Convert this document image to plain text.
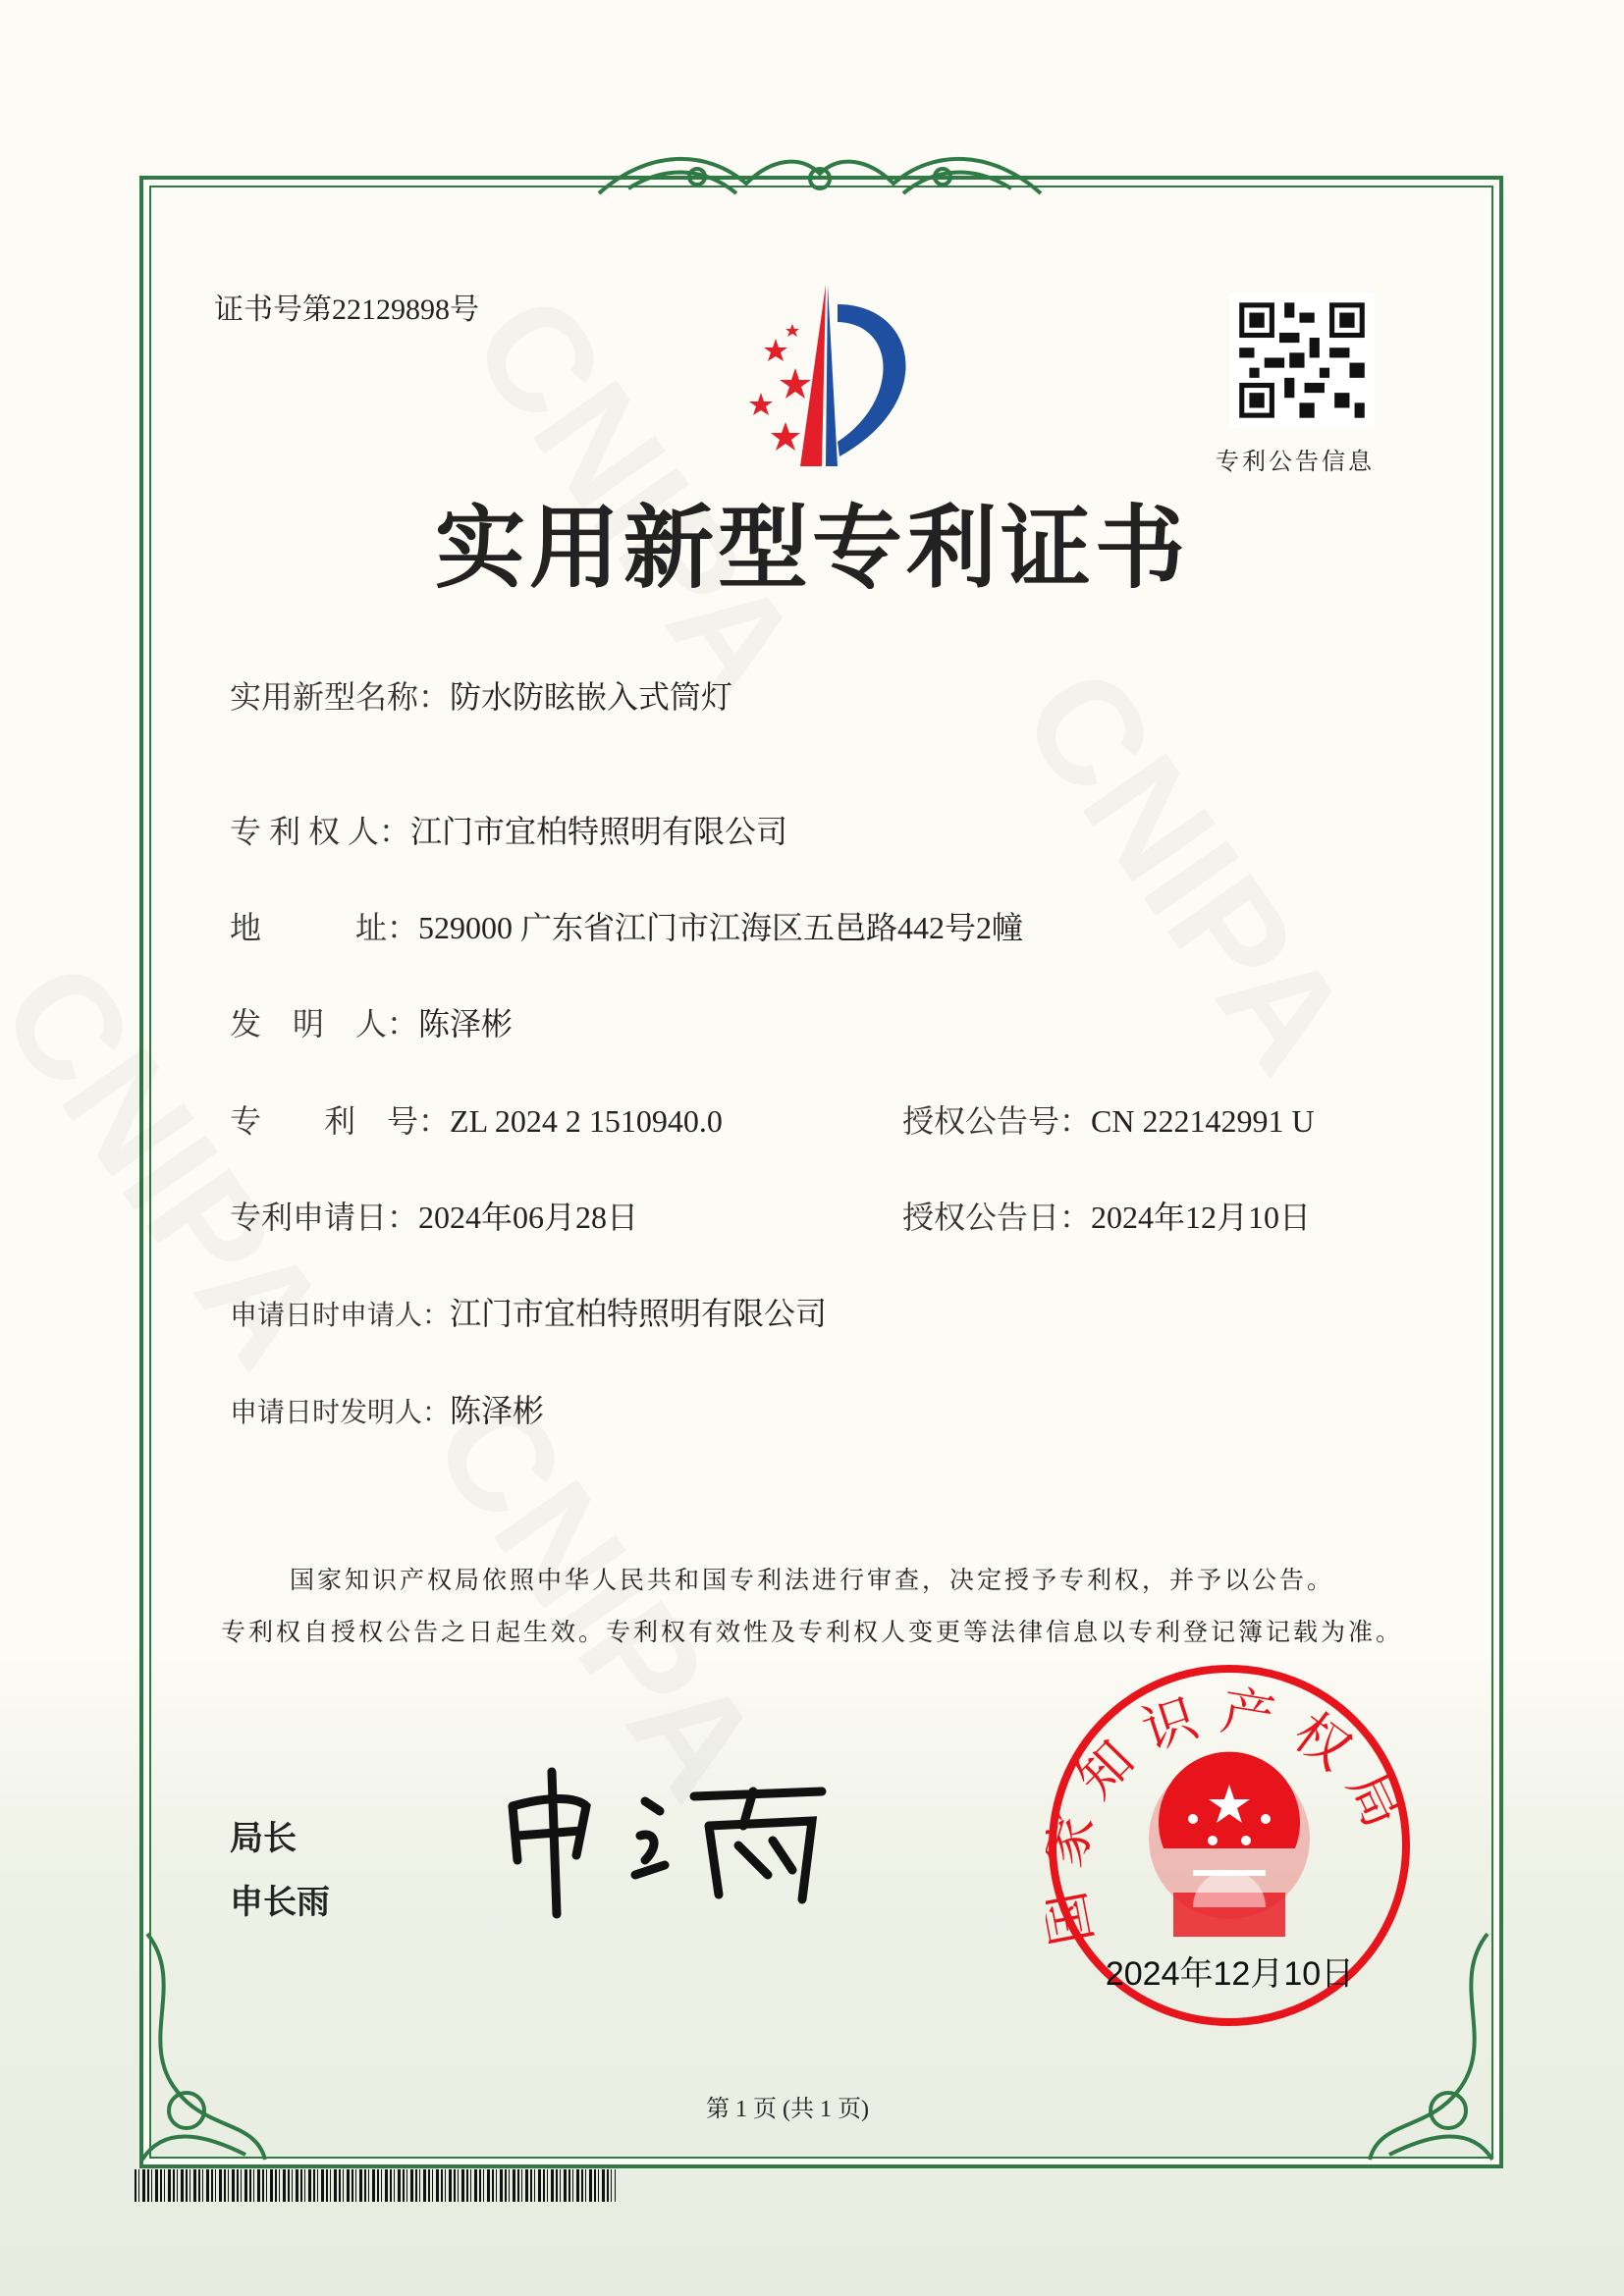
证书号第22129898号
专利公告信息
实用新型专利证书
实用新型名称： 防水防眩嵌入式筒灯
专 利 权 人： 江门市宜柏特照明有限公司
地　　　址： 529000 广东省江门市江海区五邑路442号2幢
发　明　人： 陈泽彬
专　　利　号： ZL 2024 2 1510940.0
专利申请日： 2024年06月28日
申请日时申请人： 江门市宜柏特照明有限公司
申请日时发明人： 陈泽彬
授权公告号： CN 222142991 U
授权公告日： 2024年12月10日
国家知识产权局依照中华人民共和国专利法进行审查，决定授予专利权，并予以公告。
专利权自授权公告之日起生效。专利权有效性及专利权人变更等法律信息以专利登记簿记载为准。
局长
申长雨
知识产权局
2024年12月10日
第 1 页 (共 1 页)
